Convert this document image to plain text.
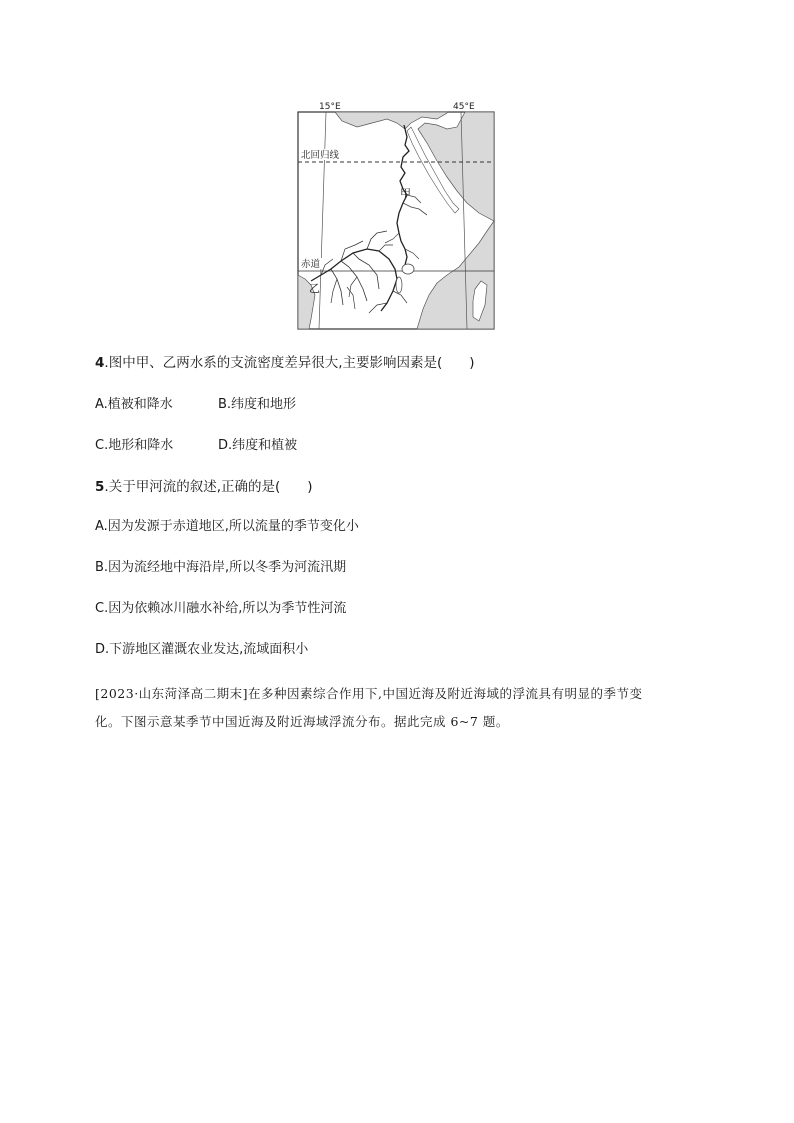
15°E	45°E
北回归线
赤道
甲
乙
4.图中甲、乙两水系的支流密度差异很大,主要影响因素是(　　)
A.植被和降水	B.纬度和地形
C.地形和降水	D.纬度和植被
5.关于甲河流的叙述,正确的是(　　)
A.因为发源于赤道地区,所以流量的季节变化小
B.因为流经地中海沿岸,所以冬季为河流汛期
C.因为依赖冰川融水补给,所以为季节性河流
D.下游地区灌溉农业发达,流域面积小
[2023·山东菏泽高二期末]在多种因素综合作用下,中国近海及附近海域的浮流具有明显的季节变
化。下图示意某季节中国近海及附近海域浮流分布。据此完成 6~7 题。
